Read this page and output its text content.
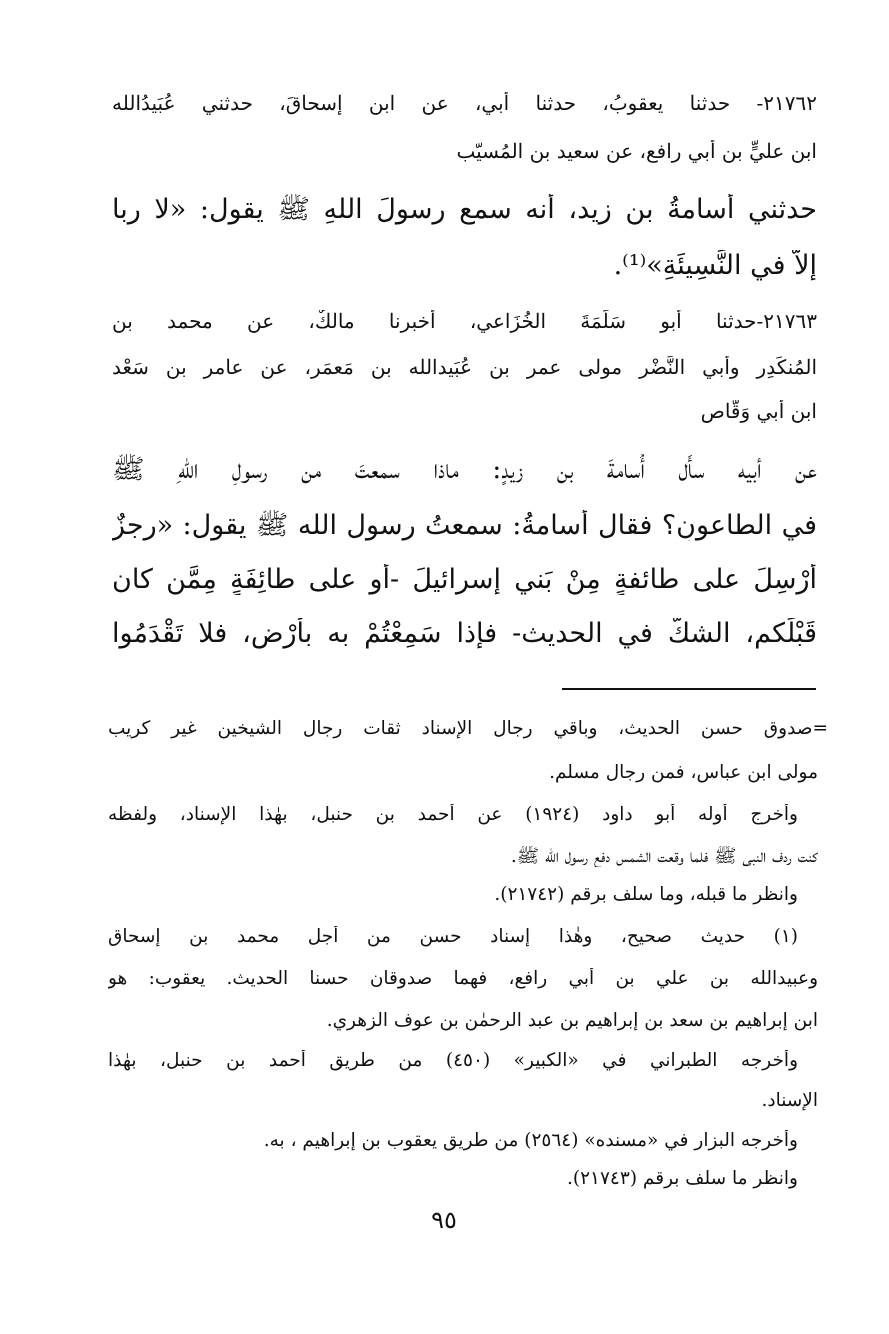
٢١٧٦٢- حدثنا يعقوبُ، حدثنا أَبي، عن ابن إسحاقَ، حدثني عُبَيدُالله
ابن عليٍّ بن أبي رافعٍ، عن سعيد بن المُسيّب
حدثني أُسامةُ بن زيد، أنه سمع رسولَ اللهِ ﷺ يقول: «لا رِبا
إلاَّ في النَّسِيئَةِ»⁽¹⁾.
٢١٧٦٣-حدثنا أبو سَلَمَةَ الخُزَاعي، أخبرنا مالكٌ، عن محمد بن
المُنكَدِرِ وأَبي النَّضْر مولى عمر بن عُبَيدالله بن مَعمَر، عن عامر بن سَعْد
ابن أبي وَقَّاص
عن أبيه سأَل أُسامةَ بن زيدٍ: ماذا سمعتَ من رسولِ اللهِ ﷺ
في الطاعونِ؟ فقال أُسامةُ: سمعتُ رسول الله ﷺ يقول: «رِجزٌ
أُرْسِلَ على طائفةٍ مِنْ بَني إسرائيلَ -أو على طائِفَةٍ مِمَّن كان
قَبْلَكم، الشكُّ في الحديث- فإذا سَمِعْتُمْ به بأَرْضٍ، فلا تَقْدَمُوا
=صدوق حسن الحديث، وباقي رجال الإسناد ثقات رجال الشيخين غير كريب
مولى ابن عباس، فمن رجال مسلم.
وأخرج أوله أبو داود (١٩٢٤) عن أحمد بن حنبل، بهٰذا الإسناد، ولفظه
كنت ردف النبي ﷺ فلما وقعت الشمس دفع رسول الله ﷺ.
وانظر ما قبله، وما سلف برقم (٢١٧٤٢).
(١) حديث صحيح، وهٰذا إسناد حسن من أجل محمد بن إسحاق
وعبيدالله بن علي بن أبي رافع، فهما صدوقان حسنا الحديث. يعقوب: هو
ابن إبراهيم بن سعد بن إبراهيم بن عبد الرحمٰن بن عوف الزهري.
وأخرجه الطبراني في «الكبير» (٤٥٠) من طريق أحمد بن حنبل، بهٰذا
الإسناد.
وأخرجه البزار في «مسنده» (٢٥٦٤) من طريق يعقوب بن إبراهيم ، به.
وانظر ما سلف برقم (٢١٧٤٣).
٩٥
